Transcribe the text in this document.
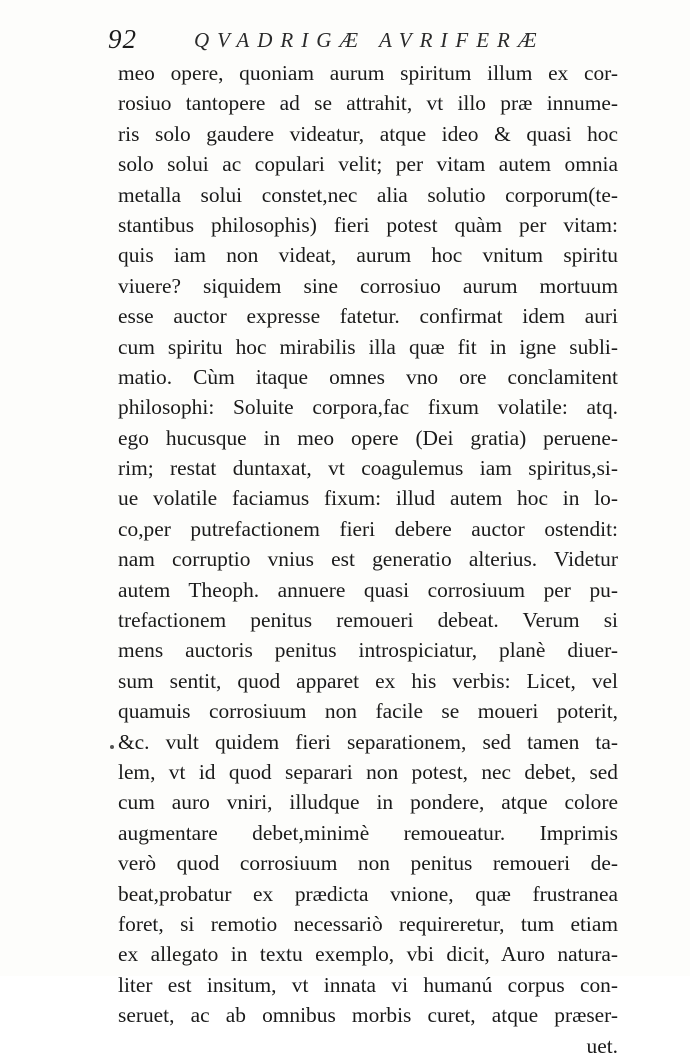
92	QVADRIGÆ AVRIFERÆ
meo opere, quoniam aurum spiritum illum ex cor-
rosiuo tantopere ad se attrahit, vt illo præ innume-
ris solo gaudere videatur, atque ideo & quasi hoc
solo solui ac copulari velit; per vitam autem omnia
metalla solui constet,nec alia solutio corporum(te-
stantibus philosophis) fieri potest quàm per vitam:
quis iam non videat, aurum hoc vnitum spiritu
viuere? siquidem sine corrosiuo aurum mortuum
esse auctor expresse fatetur. confirmat idem auri
cum spiritu hoc mirabilis illa quæ fit in igne subli-
matio. Cùm itaque omnes vno ore conclamitent
philosophi: Soluite corpora,fac fixum volatile: atq.
ego hucusque in meo opere (Dei gratia) peruene-
rim; restat duntaxat, vt coagulemus iam spiritus,si-
ue volatile faciamus fixum: illud autem hoc in lo-
co,per putrefactionem fieri debere auctor ostendit:
nam corruptio vnius est generatio alterius. Videtur
autem Theoph. annuere quasi corrosiuum per pu-
trefactionem penitus remoueri debeat. Verum si
mens auctoris penitus introspiciatur, planè diuer-
sum sentit, quod apparet ex his verbis: Licet, vel
quamuis corrosiuum non facile se moueri poterit,
&c. vult quidem fieri separationem, sed tamen ta-
lem, vt id quod separari non potest, nec debet, sed
cum auro vniri, illudque in pondere, atque colore
augmentare debet,minimè remoueatur. Imprimis
verò quod corrosiuum non penitus remoueri de-
beat,probatur ex prædicta vnione, quæ frustranea
foret, si remotio necessariò requireretur, tum etiam
ex allegato in textu exemplo, vbi dicit, Auro natura-
liter est insitum, vt innata vi humanú corpus con-
seruet, ac ab omnibus morbis curet, atque præser-
uet.
